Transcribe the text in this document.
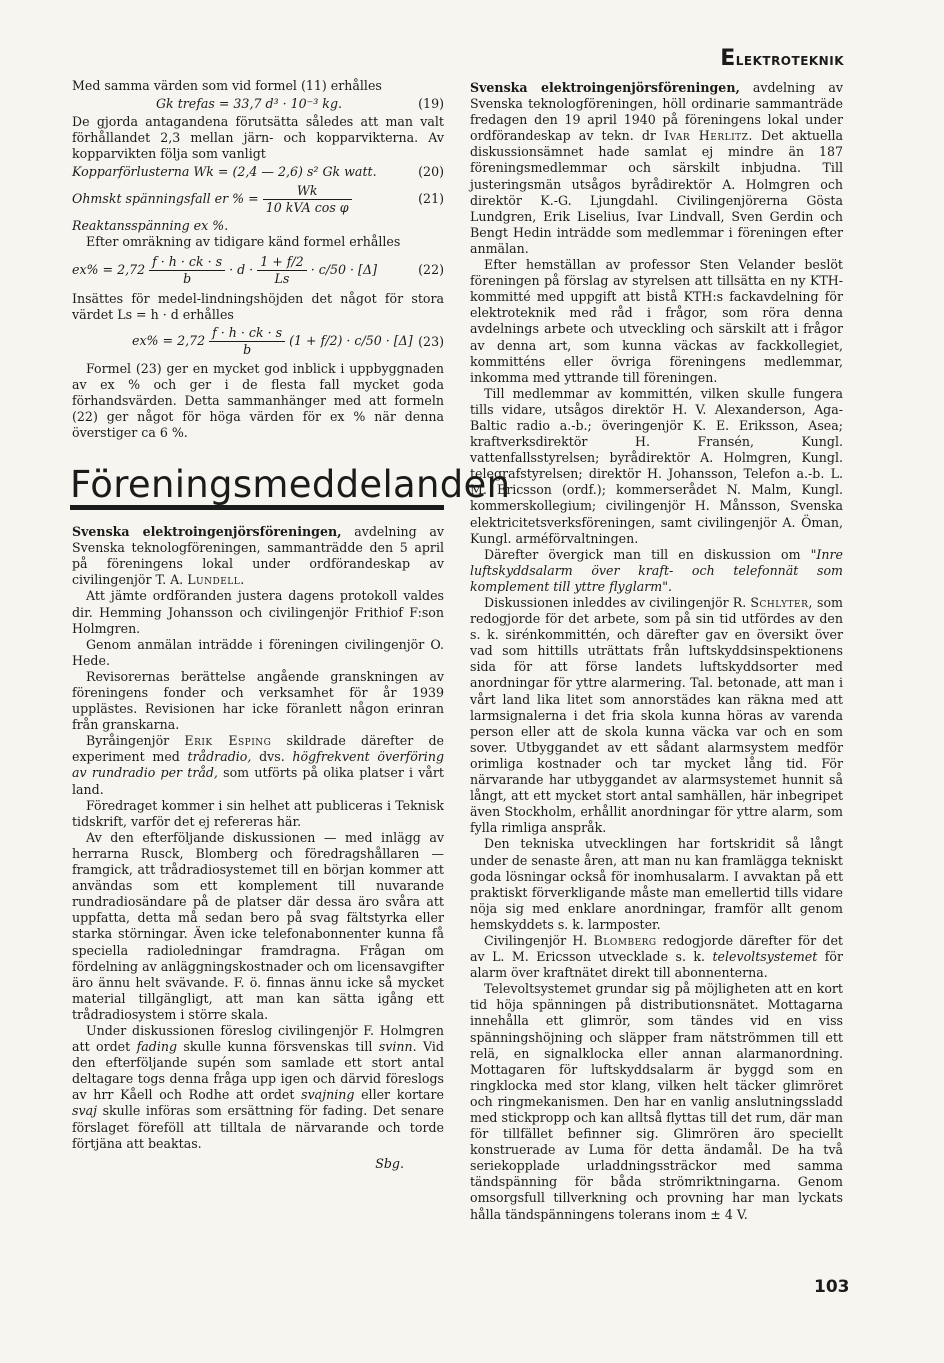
Elektroteknik

Med samma värden som vid formel (11) erhålles

Gk trefas = 33,7 d³ · 10⁻³ kg.	(19)

De gjorda antagandena förutsätta således att man valt förhållandet 2,3 mellan järn- och kopparvikterna. Av kopparvikten följa som vanligt

Kopparförlusterna Wk = (2,4 — 2,6) s² Gk watt.	(20)
Ohmskt spänningsfall er % = $\frac{Wk}{\text{10 kVA cos φ}}$	(21)

Reaktansspänning ex %.

Efter omräkning av tidigare känd formel erhålles

$ex\% = 2,72 \frac{f \cdot h \cdot ck \cdot s}{b} \cdot d \cdot \frac{1 + f/2}{Ls} \cdot c/50 \cdot [\Delta]$	(22)

Insättes för medel-lindningshöjden det något för stora värdet Ls = h · d erhålles

$ex\% = 2,72 \frac{f \cdot h \cdot ck \cdot s}{b} (1 + f/2) \cdot c/50 \cdot [\Delta]$ (23)

Formel (23) ger en mycket god inblick i uppbyggnaden av ex % och ger i de flesta fall mycket goda förhandsvärden. Detta sammanhänger med att formeln (22) ger något för höga värden för ex % när denna överstiger ca 6 %.

Föreningsmeddelanden

Svenska elektroingenjörsföreningen, avdelning av Svenska teknologföreningen, sammanträdde den 5 april på föreningens lokal under ordförandeskap av civilingenjör T. A. Lundell.

Att jämte ordföranden justera dagens protokoll valdes dir. Hemming Johansson och civilingenjör Frithiof F:son Holmgren.

Genom anmälan inträdde i föreningen civilingenjör O. Hede.

Revisorernas berättelse angående granskningen av föreningens fonder och verksamhet för år 1939 upplästes. Revisionen har icke föranlett någon erinran från granskarna.

Byråingenjör Erik Esping skildrade därefter de experiment med trådradio, dvs. högfrekvent överföring av rundradio per tråd, som utförts på olika platser i vårt land.

Föredraget kommer i sin helhet att publiceras i Teknisk tidskrift, varför det ej refereras här.

Av den efterföljande diskussionen — med inlägg av herrarna Rusck, Blomberg och föredragshållaren — framgick, att trådradiosystemet till en början kommer att användas som ett komplement till nuvarande rundradiosändare på de platser där dessa äro svåra att uppfatta, detta må sedan bero på svag fältstyrka eller starka störningar. Även icke telefonabonnenter kunna få speciella radioledningar framdragna. Frågan om fördelning av anläggningskostnader och om licensavgifter äro ännu helt svävande. F. ö. finnas ännu icke så mycket material tillgängligt, att man kan sätta igång ett trådradiosystem i större skala.

Under diskussionen föreslog civilingenjör F. Holmgren att ordet fading skulle kunna försvenskas till svinn. Vid den efterföljande supén som samlade ett stort antal deltagare togs denna fråga upp igen och därvid föreslogs av hrr Kåell och Rodhe att ordet svajning eller kortare svaj skulle införas som ersättning för fading. Det senare förslaget föreföll att tilltala de närvarande och torde förtjäna att beaktas.

Sbg.

Svenska elektroingenjörsföreningen, avdelning av Svenska teknologföreningen, höll ordinarie sammanträde fredagen den 19 april 1940 på föreningens lokal under ordförandeskap av tekn. dr Ivar Herlitz. Det aktuella diskussionsämnet hade samlat ej mindre än 187 föreningsmedlemmar och särskilt inbjudna. Till justeringsmän utsågos byrådirektör A. Holmgren och direktör K.-G. Ljungdahl. Civilingenjörerna Gösta Lundgren, Erik Liselius, Ivar Lindvall, Sven Gerdin och Bengt Hedin inträdde som medlemmar i föreningen efter anmälan.

Efter hemställan av professor Sten Velander beslöt föreningen på förslag av styrelsen att tillsätta en ny KTH-kommitté med uppgift att bistå KTH:s fackavdelning för elektroteknik med råd i frågor, som röra denna avdelnings arbete och utveckling och särskilt att i frågor av denna art, som kunna väckas av fackkollegiet, kommitténs eller övriga föreningens medlemmar, inkomma med yttrande till föreningen.

Till medlemmar av kommittén, vilken skulle fungera tills vidare, utsågos direktör H. V. Alexanderson, Aga-Baltic radio a.-b.; överingenjör K. E. Eriksson, Asea; kraftverksdirektör H. Fransén, Kungl. vattenfallsstyrelsen; byrådirektör A. Holmgren, Kungl. telegrafstyrelsen; direktör H. Johansson, Telefon a.-b. L. M. Ericsson (ordf.); kommerserådet N. Malm, Kungl. kommerskollegium; civilingenjör H. Månsson, Svenska elektricitetsverksföreningen, samt civilingenjör A. Öman, Kungl. arméförvaltningen.

Därefter övergick man till en diskussion om "Inre luftskyddsalarm över kraft- och telefonnät som komplement till yttre flyglarm".

Diskussionen inleddes av civilingenjör R. Schlyter, som redogjorde för det arbete, som på sin tid utfördes av den s. k. sirénkommittén, och därefter gav en översikt över vad som hittills uträttats från luftskyddsinspektionens sida för att förse landets luftskyddsorter med anordningar för yttre alarmering. Tal. betonade, att man i vårt land lika litet som annorstädes kan räkna med att larmsignalerna i det fria skola kunna höras av varenda person eller att de skola kunna väcka var och en som sover. Utbyggandet av ett sådant alarmsystem medför orimliga kostnader och tar mycket lång tid. För närvarande har utbyggandet av alarmsystemet hunnit så långt, att ett mycket stort antal samhällen, här inbegripet även Stockholm, erhållit anordningar för yttre alarm, som fylla rimliga anspråk.

Den tekniska utvecklingen har fortskridit så långt under de senaste åren, att man nu kan framlägga tekniskt goda lösningar också för inomhusalarm. I avvaktan på ett praktiskt förverkligande måste man emellertid tills vidare nöja sig med enklare anordningar, framför allt genom hemskyddets s. k. larmposter.

Civilingenjör H. Blomberg redogjorde därefter för det av L. M. Ericsson utvecklade s. k. televoltsystemet för alarm över kraftnätet direkt till abonnenterna.

Televoltsystemet grundar sig på möjligheten att en kort tid höja spänningen på distributionsnätet. Mottagarna innehålla ett glimrör, som tändes vid en viss spänningshöjning och släpper fram nätströmmen till ett relä, en signalklocka eller annan alarmanordning. Mottagaren för luftskyddsalarm är byggd som en ringklocka med stor klang, vilken helt täcker glimröret och ringmekanismen. Den har en vanlig anslutningssladd med stickpropp och kan alltså flyttas till det rum, där man för tillfället befinner sig. Glimrören äro speciellt konstruerade av Luma för detta ändamål. De ha två seriekopplade urladdningssträckor med samma tändspänning för båda strömriktningarna. Genom omsorgsfull tillverkning och provning har man lyckats hålla tändspänningens tolerans inom ± 4 V.

103
